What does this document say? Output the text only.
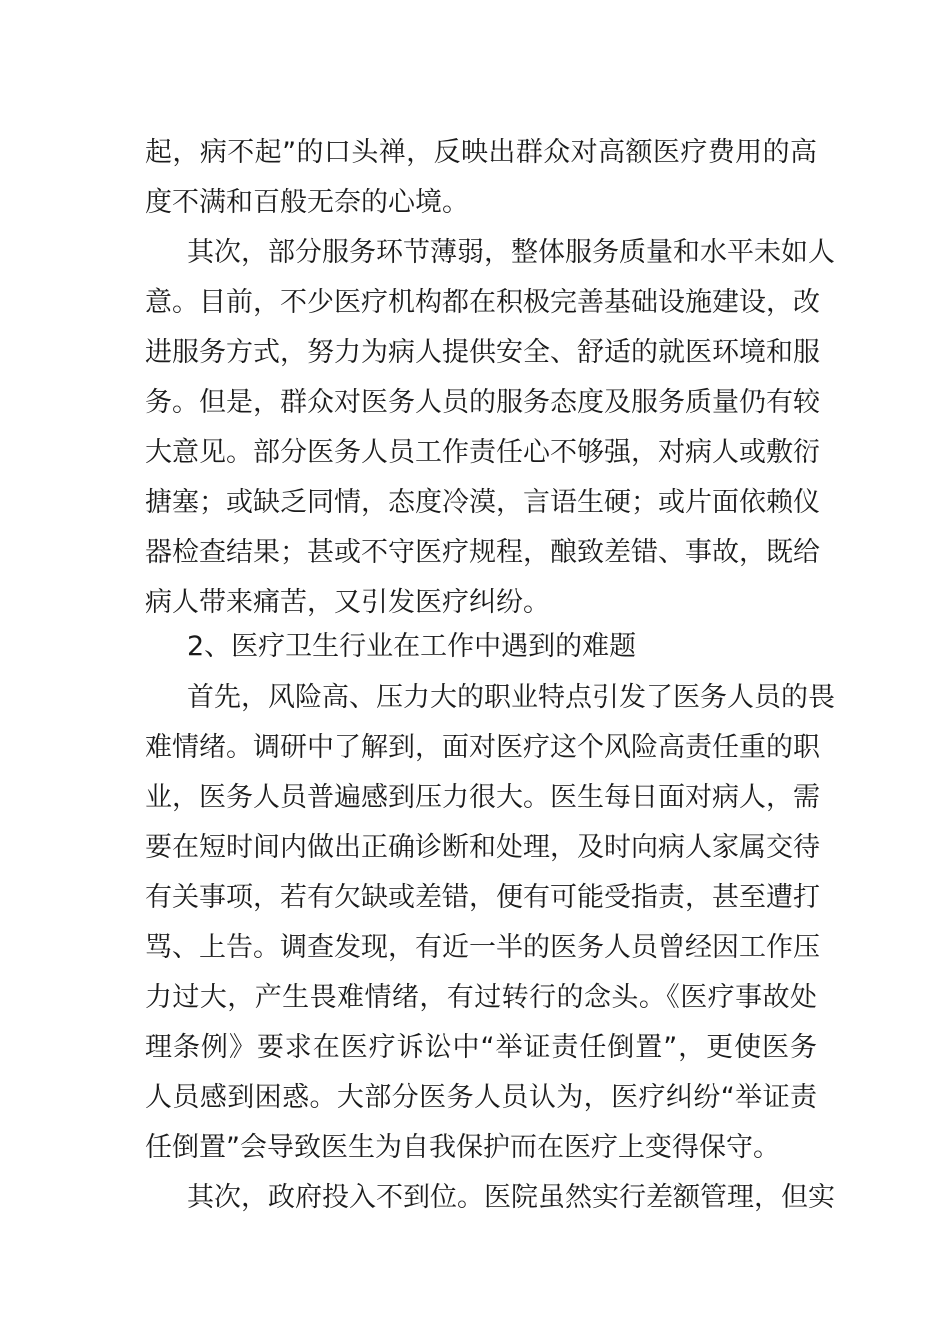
起，病不起”的口头禅，反映出群众对高额医疗费用的高
度不满和百般无奈的心境。
其次，部分服务环节薄弱，整体服务质量和水平未如人
意。目前，不少医疗机构都在积极完善基础设施建设，改
进服务方式，努力为病人提供安全、舒适的就医环境和服
务。但是，群众对医务人员的服务态度及服务质量仍有较
大意见。部分医务人员工作责任心不够强，对病人或敷衍
搪塞；或缺乏同情，态度冷漠，言语生硬；或片面依赖仪
器检查结果；甚或不守医疗规程，酿致差错、事故，既给
病人带来痛苦，又引发医疗纠纷。
2、医疗卫生行业在工作中遇到的难题
首先，风险高、压力大的职业特点引发了医务人员的畏
难情绪。调研中了解到，面对医疗这个风险高责任重的职
业，医务人员普遍感到压力很大。医生每日面对病人，需
要在短时间内做出正确诊断和处理，及时向病人家属交待
有关事项，若有欠缺或差错，便有可能受指责，甚至遭打
骂、上告。调查发现，有近一半的医务人员曾经因工作压
力过大，产生畏难情绪，有过转行的念头。《医疗事故处
理条例》要求在医疗诉讼中“举证责任倒置”，更使医务
人员感到困惑。大部分医务人员认为，医疗纠纷“举证责
任倒置”会导致医生为自我保护而在医疗上变得保守。
其次，政府投入不到位。医院虽然实行差额管理，但实
